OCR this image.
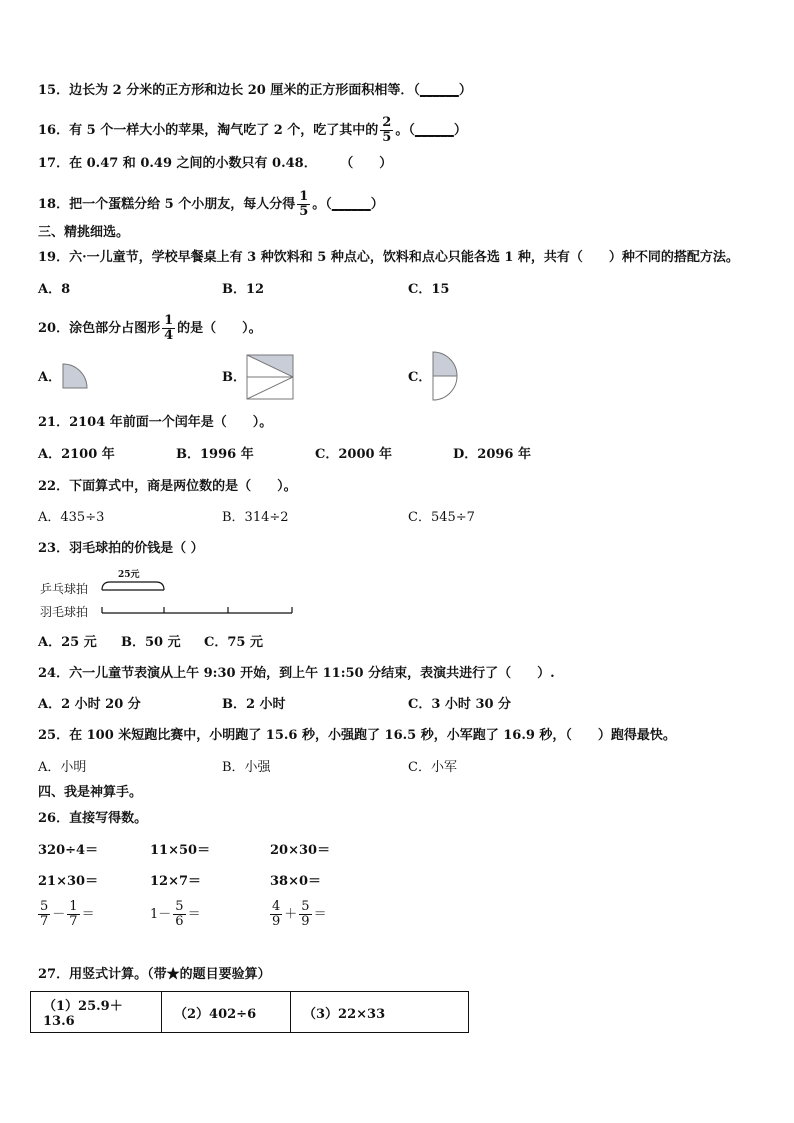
15．边长为 2 分米的正方形和边长 20 厘米的正方形面积相等．（______）
16．有 5 个一样大小的苹果，淘气吃了 2 个，吃了其中的 $\frac{2}{5}$ 。（______）
17．在 0.47 和 0.49 之间的小数只有 0.48． （　　）
18．把一个蛋糕分给 5 个小朋友，每人分得 $\frac{1}{5}$ 。（______）
三、精挑细选。
19．六·一儿童节，学校早餐桌上有 3 种饮料和 5 种点心，饮料和点心只能各选 1 种，共有（　　）种不同的搭配方法。
A．8	B．12	C．15
20．涂色部分占图形 $\frac{1}{4}$ 的是（　　）。
A．	B．	C．
21．2104 年前面一个闰年是（　　）。
A．2100 年	B．1996 年	C．2000 年	D．2096 年
22．下面算式中，商是两位数的是（　　）。
A．435÷3	B．314÷2	C．545÷7
23．羽毛球拍的价钱是（ ）
乒乓球拍
羽毛球拍
25元
A．25 元 B．50 元 C．75 元
24．六一儿童节表演从上午 9:30 开始，到上午 11:50 分结束，表演共进行了（　　）.
A．2 小时 20 分	B．2 小时	C．3 小时 30 分
25．在 100 米短跑比赛中，小明跑了 15.6 秒，小强跑了 16.5 秒，小军跑了 16.9 秒，（　　）跑得最快。
A．小明	B．小强	C．小军
四、我是神算手。
26．直接写得数。
320÷4＝	11×50＝	20×30＝
21×30＝	12×7＝	38×0＝
$\frac{5}{7} - \frac{1}{7}$ ＝	$1- \frac{5}{6}$ ＝	$\frac{4}{9} + \frac{5}{9}$ ＝
27．用竖式计算。（带★的题目要验算）
（1）25.9＋13.6	（2）402÷6	（3）22×33
